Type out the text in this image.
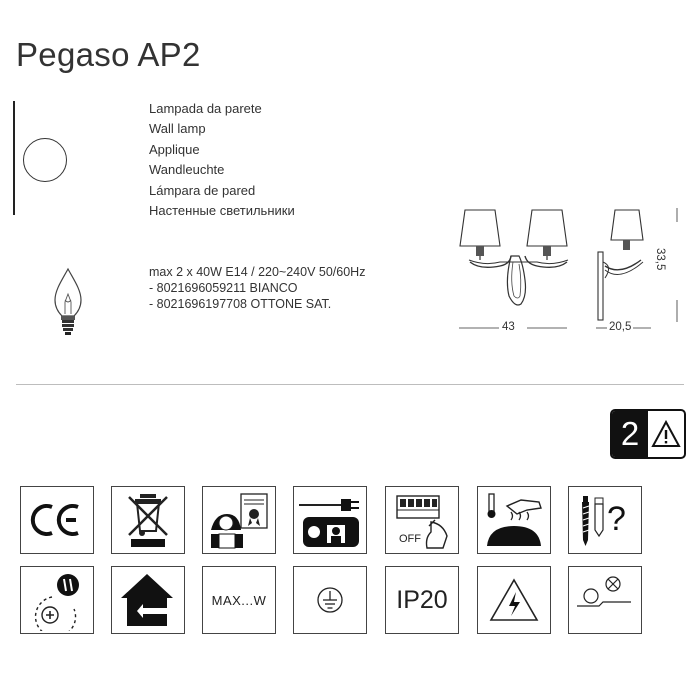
Pegaso AP2
Lampada da parete
Wall lamp
Applique
Wandleuchte
Lámpara de pared
Настенные светильники
max 2 x 40W E14 / 220~240V 50/60Hz
- 8021696059211 BIANCO
- 8021696197708 OTTONE SAT.
43	20,5
33,5
2
OFF
?
MAX...W	IP20
